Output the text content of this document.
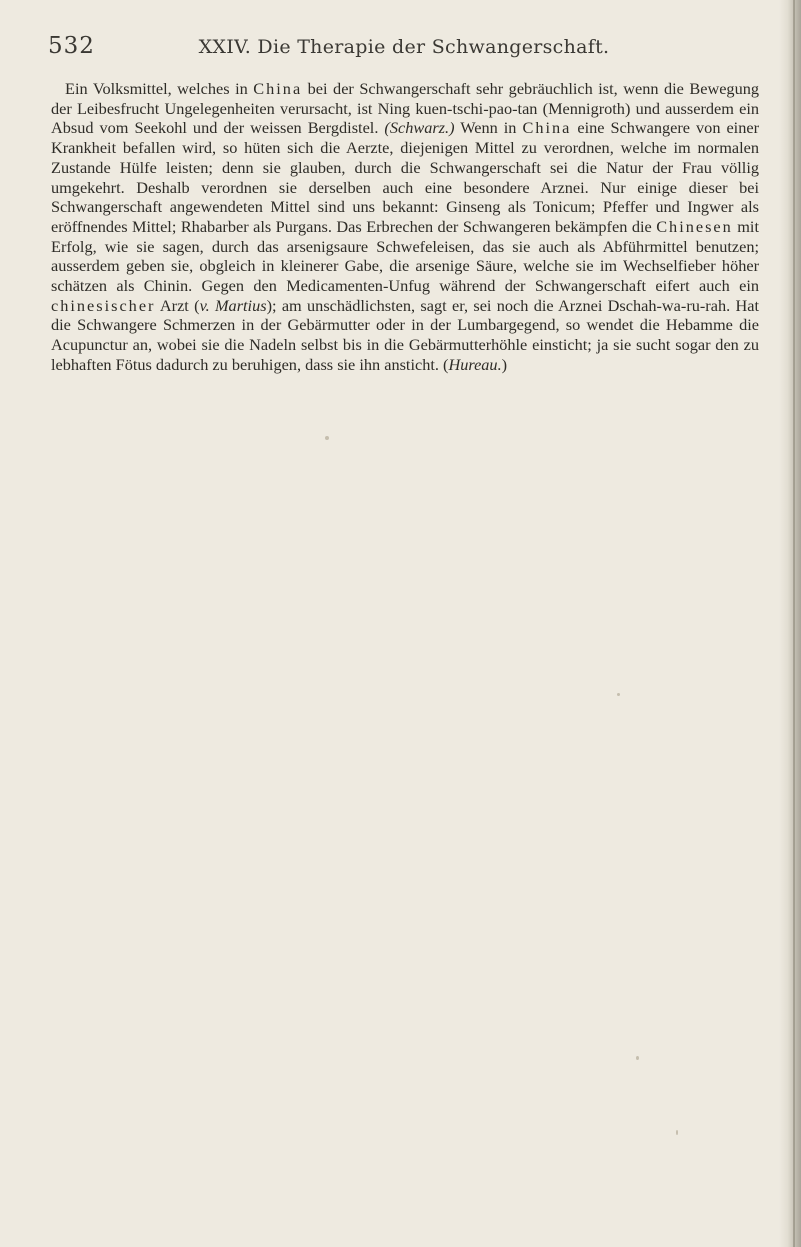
532	XXIV. Die Therapie der Schwangerschaft.

Ein Volksmittel, welches in China bei der Schwangerschaft sehr gebräuchlich ist, wenn die Bewegung der Leibesfrucht Ungelegenheiten verursacht, ist Ning kuen-tschi-pao-tan (Mennigroth) und ausserdem ein Absud vom Seekohl und der weissen Bergdistel. (Schwarz.) Wenn in China eine Schwangere von einer Krankheit befallen wird, so hüten sich die Aerzte, diejenigen Mittel zu verordnen, welche im normalen Zustande Hülfe leisten; denn sie glauben, durch die Schwangerschaft sei die Natur der Frau völlig umgekehrt. Deshalb verordnen sie derselben auch eine besondere Arznei. Nur einige dieser bei Schwangerschaft angewendeten Mittel sind uns bekannt: Ginseng als Tonicum; Pfeffer und Ingwer als eröffnendes Mittel; Rhabarber als Purgans. Das Erbrechen der Schwangeren bekämpfen die Chinesen mit Erfolg, wie sie sagen, durch das arsenigsaure Schwefeleisen, das sie auch als Abführmittel benutzen; ausserdem geben sie, obgleich in kleinerer Gabe, die arsenige Säure, welche sie im Wechselfieber höher schätzen als Chinin. Gegen den Medicamenten-Unfug während der Schwangerschaft eifert auch ein chinesischer Arzt (v. Martius); am unschädlichsten, sagt er, sei noch die Arznei Dschah-wa-ru-rah. Hat die Schwangere Schmerzen in der Gebärmutter oder in der Lumbargegend, so wendet die Hebamme die Acupunctur an, wobei sie die Nadeln selbst bis in die Gebärmutterhöhle einsticht; ja sie sucht sogar den zu lebhaften Fötus dadurch zu beruhigen, dass sie ihn ansticht. (Hureau.)
